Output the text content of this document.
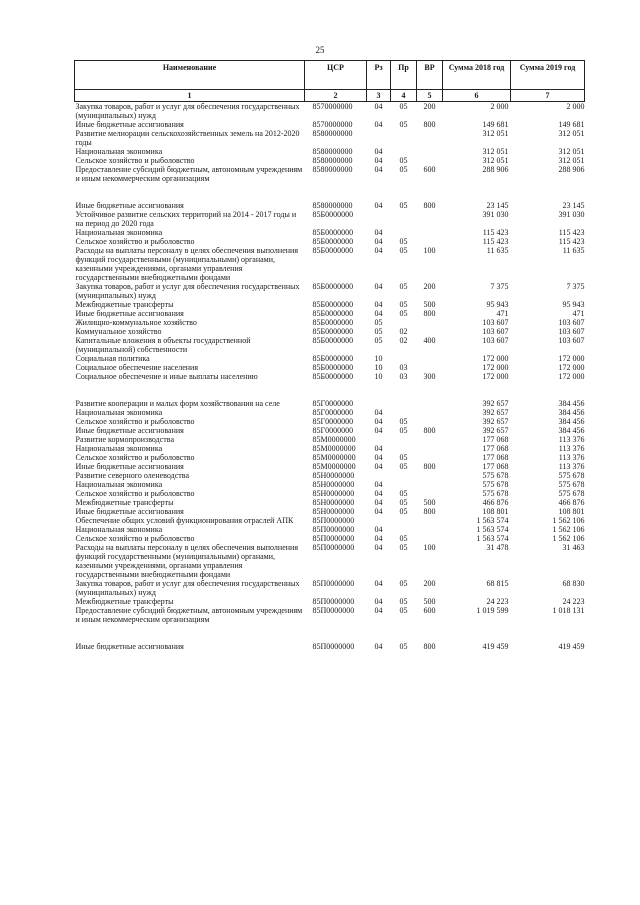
25
Наименование	ЦСР	Рз	Пр	ВР	Сумма 2018 год	Сумма 2019 год
1	2	3	4	5	6	7
Закупка товаров, работ и услуг для обеспечения государственных (муниципальных) нужд	8570000000	04	05	200	2 000	2 000
Иные бюджетные ассигнования	8570000000	04	05	800	149 681	149 681
Развитие мелиорации сельскохозяйственных земель на 2012-2020 годы	8580000000				312 051	312 051
Национальная экономика	8580000000	04			312 051	312 051
Сельское хозяйство и рыболовство	8580000000	04	05		312 051	312 051
Предоставление субсидий бюджетным, автономным учреждениям и иным некоммерческим организациям	8580000000	04	05	600	288 906	288 906

Иные бюджетные ассигнования	8580000000	04	05	800	23 145	23 145
Устойчивое развитие сельских территорий на 2014 - 2017 годы и на период до 2020 года	85Б0000000				391 030	391 030
Национальная экономика	85Б0000000	04			115 423	115 423
Сельское хозяйство и рыболовство	85Б0000000	04	05		115 423	115 423
Расходы на выплаты персоналу в целях обеспечения выполнения функций государственными (муниципальными) органами, казенными учреждениями, органами управления государственными внебюджетными фондами	85Б0000000	04	05	100	11 635	11 635
Закупка товаров, работ и услуг для обеспечения государственных (муниципальных) нужд	85Б0000000	04	05	200	7 375	7 375
Межбюджетные трансферты	85Б0000000	04	05	500	95 943	95 943
Иные бюджетные ассигнования	85Б0000000	04	05	800	471	471
Жилищно-коммунальное хозяйство	85Б0000000	05			103 607	103 607
Коммунальное хозяйство	85Б0000000	05	02		103 607	103 607
Капитальные вложения в объекты государственной (муниципальной) собственности	85Б0000000	05	02	400	103 607	103 607
Социальная политика	85Б0000000	10			172 000	172 000
Социальное обеспечение населения	85Б0000000	10	03		172 000	172 000
Социальное обеспечение и иные выплаты населению	85Б0000000	10	03	300	172 000	172 000

Развитие кооперации и малых форм хозяйствования на селе	85Г0000000				392 657	384 456
Национальная экономика	85Г0000000	04			392 657	384 456
Сельское хозяйство и рыболовство	85Г0000000	04	05		392 657	384 456
Иные бюджетные ассигнования	85Г0000000	04	05	800	392 657	384 456
Развитие кормопроизводства	85М0000000				177 068	113 376
Национальная экономика	85М0000000	04			177 068	113 376
Сельское хозяйство и рыболовство	85М0000000	04	05		177 068	113 376
Иные бюджетные ассигнования	85М0000000	04	05	800	177 068	113 376
Развитие северного оленеводства	85Н0000000				575 678	575 678
Национальная экономика	85Н0000000	04			575 678	575 678
Сельское хозяйство и рыболовство	85Н0000000	04	05		575 678	575 678
Межбюджетные трансферты	85Н0000000	04	05	500	466 876	466 876
Иные бюджетные ассигнования	85Н0000000	04	05	800	108 801	108 801
Обеспечение общих условий функционирования отраслей АПК	85П0000000				1 563 574	1 562 106
Национальная экономика	85П0000000	04			1 563 574	1 562 106
Сельское хозяйство и рыболовство	85П0000000	04	05		1 563 574	1 562 106
Расходы на выплаты персоналу в целях обеспечения выполнения функций государственными (муниципальными) органами, казенными учреждениями, органами управления государственными внебюджетными фондами	85П0000000	04	05	100	31 478	31 463
Закупка товаров, работ и услуг для обеспечения государственных (муниципальных) нужд	85П0000000	04	05	200	68 815	68 830
Межбюджетные трансферты	85П0000000	04	05	500	24 223	24 223
Предоставление субсидий бюджетным, автономным учреждениям и иным некоммерческим организациям	85П0000000	04	05	600	1 019 599	1 018 131

Иные бюджетные ассигнования	85П0000000	04	05	800	419 459	419 459
